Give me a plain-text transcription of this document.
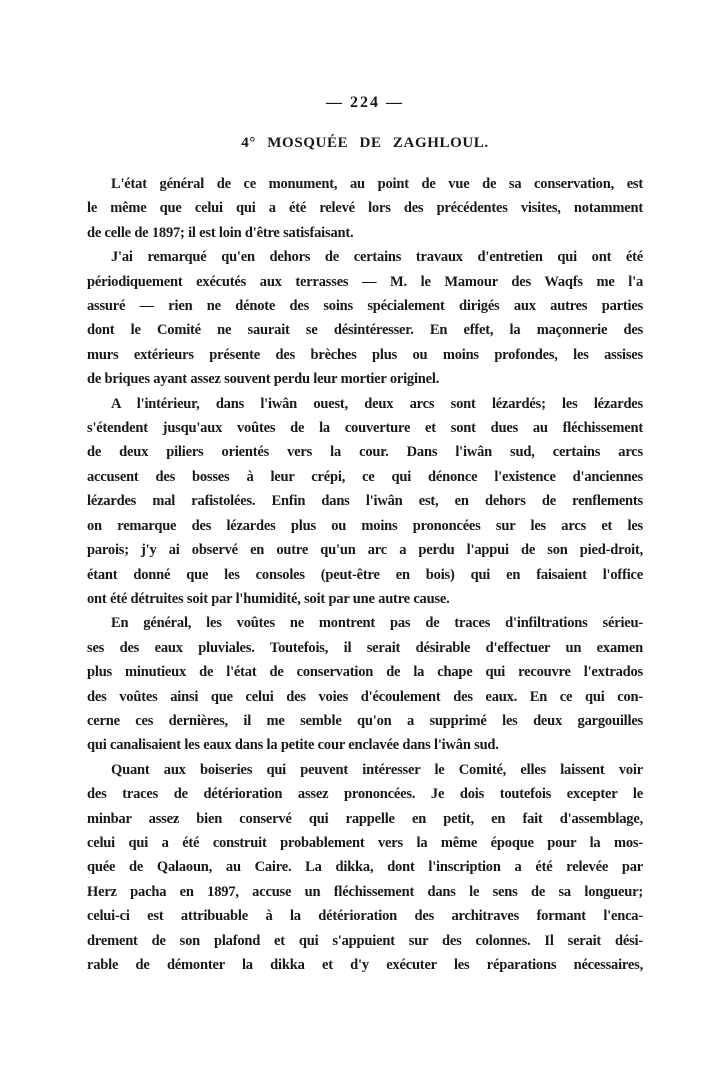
— 224 —
4° MOSQUÉE DE ZAGHLOUL.
L'état général de ce monument, au point de vue de sa conservation, est
le même que celui qui a été relevé lors des précédentes visites, notamment
de celle de 1897; il est loin d'être satisfaisant.
J'ai remarqué qu'en dehors de certains travaux d'entretien qui ont été
périodiquement exécutés aux terrasses — M. le Mamour des Waqfs me l'a
assuré — rien ne dénote des soins spécialement dirigés aux autres parties
dont le Comité ne saurait se désintéresser. En effet, la maçonnerie des
murs extérieurs présente des brèches plus ou moins profondes, les assises
de briques ayant assez souvent perdu leur mortier originel.
A l'intérieur, dans l'iwân ouest, deux arcs sont lézardés; les lézardes
s'étendent jusqu'aux voûtes de la couverture et sont dues au fléchissement
de deux piliers orientés vers la cour. Dans l'iwân sud, certains arcs
accusent des bosses à leur crépi, ce qui dénonce l'existence d'anciennes
lézardes mal rafistolées. Enfin dans l'iwân est, en dehors de renflements
on remarque des lézardes plus ou moins prononcées sur les arcs et les
parois; j'y ai observé en outre qu'un arc a perdu l'appui de son pied-droit,
étant donné que les consoles (peut-être en bois) qui en faisaient l'office
ont été détruites soit par l'humidité, soit par une autre cause.
En général, les voûtes ne montrent pas de traces d'infiltrations sérieu-
ses des eaux pluviales. Toutefois, il serait désirable d'effectuer un examen
plus minutieux de l'état de conservation de la chape qui recouvre l'extrados
des voûtes ainsi que celui des voies d'écoulement des eaux. En ce qui con-
cerne ces dernières, il me semble qu'on a supprimé les deux gargouilles
qui canalisaient les eaux dans la petite cour enclavée dans l'iwân sud.
Quant aux boiseries qui peuvent intéresser le Comité, elles laissent voir
des traces de détérioration assez prononcées. Je dois toutefois excepter le
minbar assez bien conservé qui rappelle en petit, en fait d'assemblage,
celui qui a été construit probablement vers la même époque pour la mos-
quée de Qalaoun, au Caire. La dikka, dont l'inscription a été relevée par
Herz pacha en 1897, accuse un fléchissement dans le sens de sa longueur;
celui-ci est attribuable à la détérioration des architraves formant l'enca-
drement de son plafond et qui s'appuient sur des colonnes. Il serait dési-
rable de démonter la dikka et d'y exécuter les réparations nécessaires,
